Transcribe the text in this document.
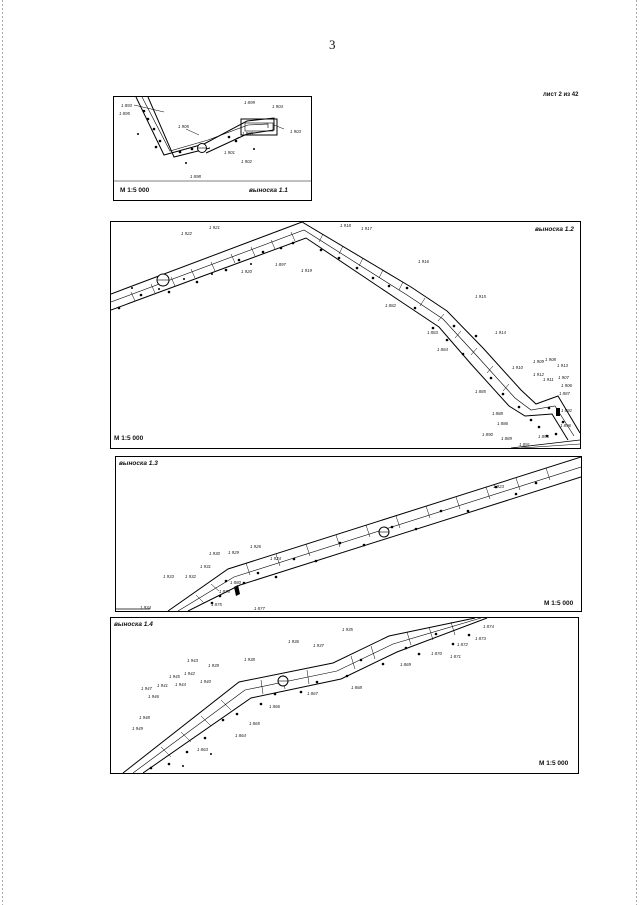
3
лист 2 из 42
1 893
1 895
1 899
1 904
1 905
1 900	1 903
1 901
1 902
1 898
М 1:5 000	выноска 1.1
1 921
1 922
1 918
1 917
1 897
1 920	1 919
1 916
1 882
1 915
1 883	1 914
1 884
1 909 1 908
1 913
1 910
1 912
1 911 1 907
1 906
1 885	1 887
1 892
1 888
1 886	1 896
1 890
1 889	1 894
1 891
М 1:5 000
выноска 1.2
1 923
1 926
1 930 1 929
1 924
1 931
1 933	1 932
1 880
1 878
1 875
1 877
1 934
М 1:5 000
выноска 1.3
1 874
1 873
1 935
1 936
1 937	1 872
1 870
1 871
1 869
1 943
1 939
1 938
1 945
1 942
1 940
1 947
1 941 1 944
1 946
1 868
1 867
1 866
1 948
1 865
1 949
1 864
1 863
М 1:5 000
выноска 1.4
